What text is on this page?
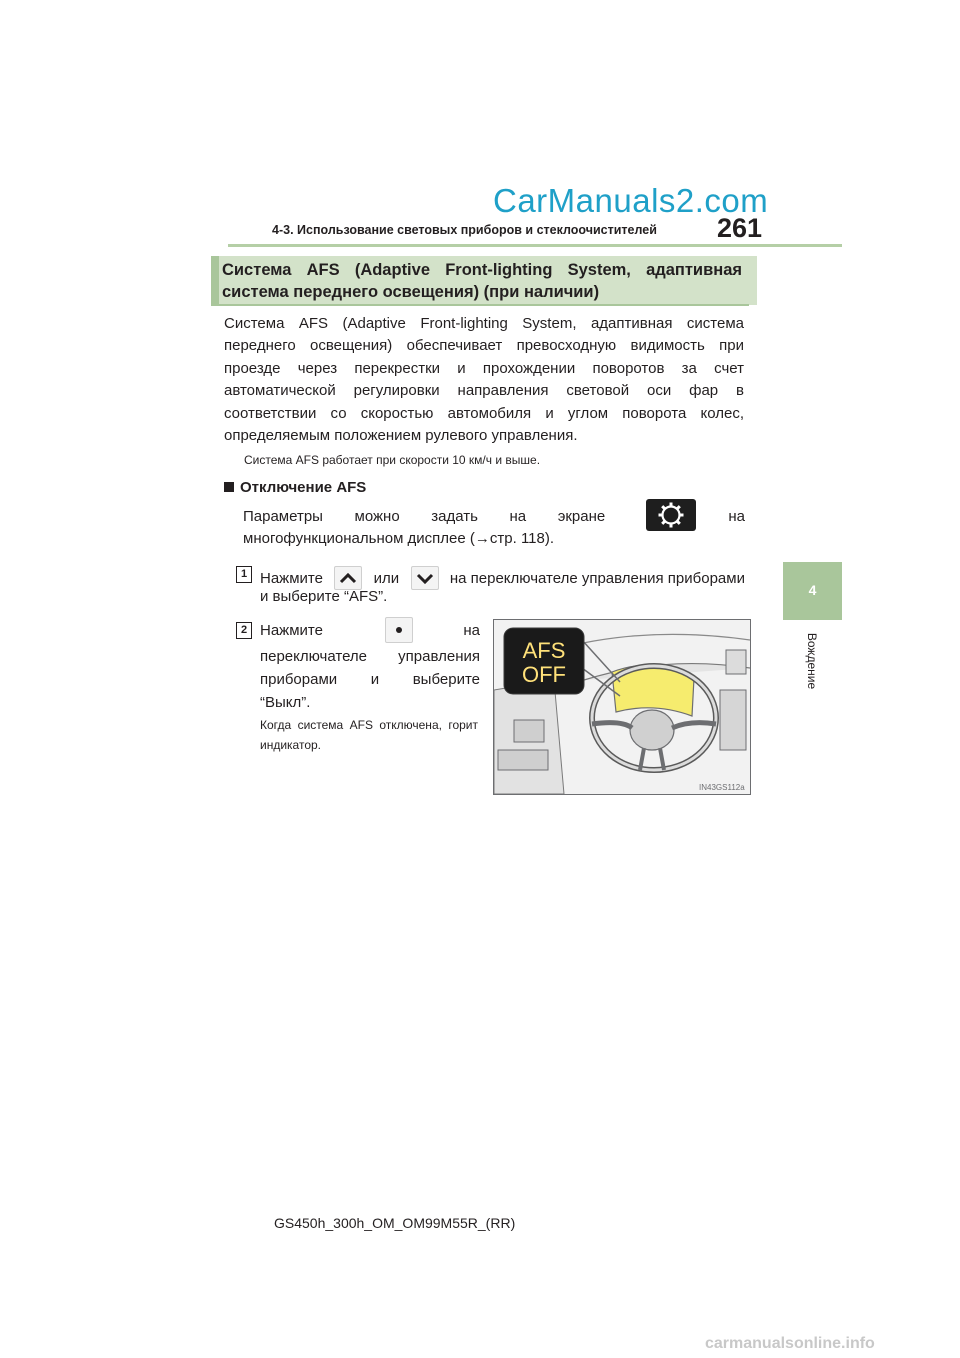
CarManuals2.com
4-3. Использование световых приборов и стеклоочистителей 261
4
Вождение
Система AFS (Adaptive Front-lighting System, адаптивная система переднего освещения) (при наличии)
Система AFS (Adaptive Front-lighting System, адаптивная система переднего освещения) обеспечивает превосходную видимость при проезде через перекрестки и прохождении поворотов за счет автоматической регулировки направления световой оси фар в соответствии со скоростью автомобиля и углом поворота колес, определяемым положением рулевого управления.
Система AFS работает при скорости 10 км/ч и выше.
Отключение AFS
Параметры можно задать на экране	на
многофункциональном дисплее (→стр. 118).
1 Нажмите	или	на переключателе управления приборами
и выберите “AFS”.
2 Нажмите	на
переключателе управления приборами и выберите
“Выкл”.
Когда система AFS отключена, горит индикатор.
AFS
OFF
IN43GS112a
GS450h_300h_OM_OM99M55R_(RR)
carmanualsonline.info
